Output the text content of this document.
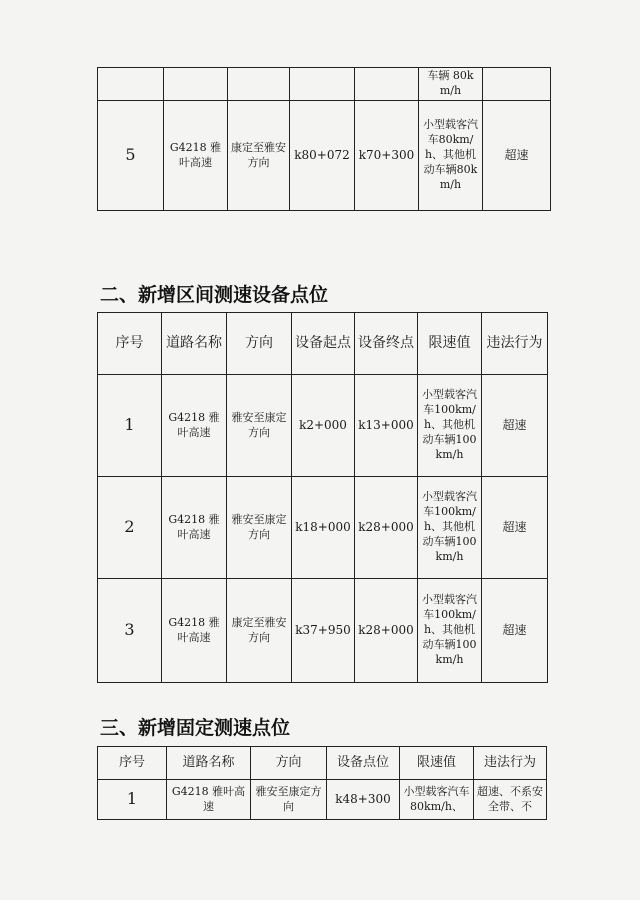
					车辆 80km/h	
5	G4218 雅叶高速	康定至雅安方向	k80+072	k70+300	小型载客汽车80km/h、其他机动车辆80km/h	超速
二、新增区间测速设备点位
序号	道路名称	方向	设备起点	设备终点	限速值	违法行为
1	G4218 雅叶高速	雅安至康定方向	k2+000	k13+000	小型载客汽车100km/h、其他机动车辆100km/h	超速
2	G4218 雅叶高速	雅安至康定方向	k18+000	k28+000	小型载客汽车100km/h、其他机动车辆100km/h	超速
3	G4218 雅叶高速	康定至雅安方向	k37+950	k28+000	小型载客汽车100km/h、其他机动车辆100km/h	超速
三、新增固定测速点位
序号	道路名称	方向	设备点位	限速值	违法行为
1	G4218 雅叶高速	雅安至康定方向	k48+300	小型载客汽车80km/h、	超速、不系安全带、不
